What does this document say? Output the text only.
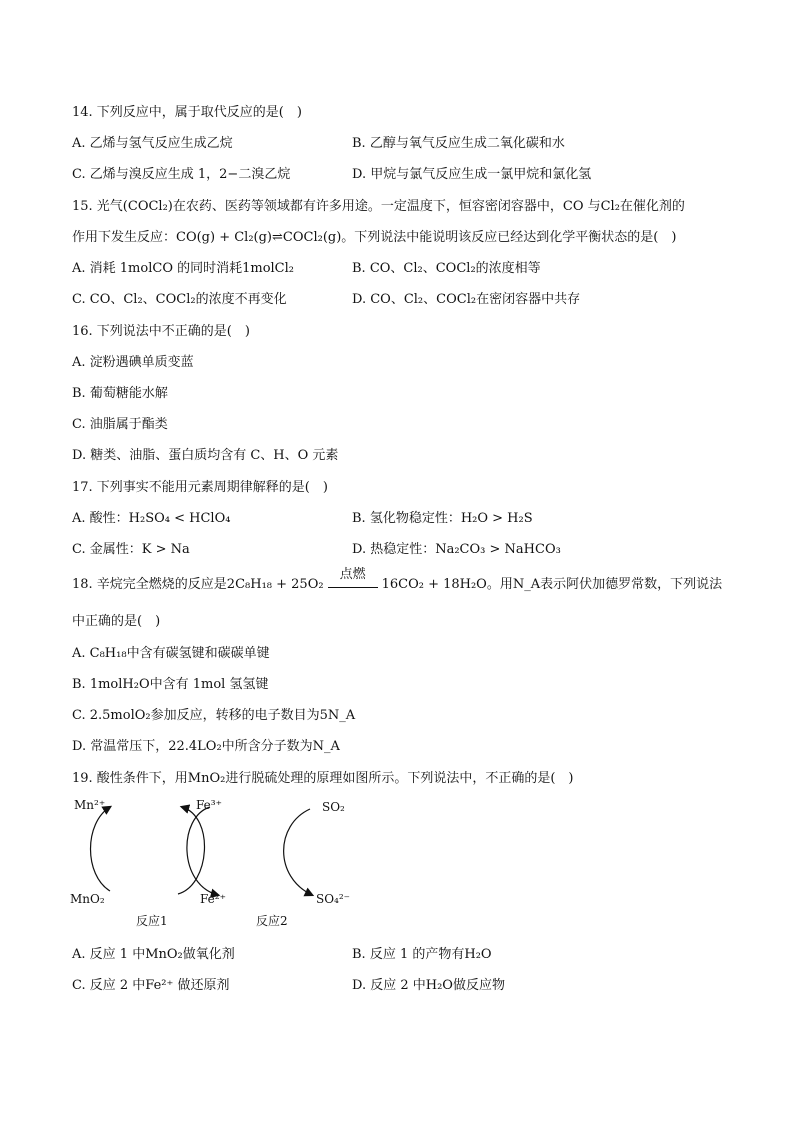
14. 下列反应中，属于取代反应的是(　)
A. 乙烯与氢气反应生成乙烷	B. 乙醇与氧气反应生成二氧化碳和水
C. 乙烯与溴反应生成 1，2−二溴乙烷	D. 甲烷与氯气反应生成一氯甲烷和氯化氢
15. 光气(COCl₂)在农药、医药等领域都有许多用途。一定温度下，恒容密闭容器中，CO 与Cl₂在催化剂的
作用下发生反应：CO(g) + Cl₂(g)⇌COCl₂(g)。下列说法中能说明该反应已经达到化学平衡状态的是(　)
A. 消耗 1molCO 的同时消耗1molCl₂	B. CO、Cl₂、COCl₂的浓度相等
C. CO、Cl₂、COCl₂的浓度不再变化	D. CO、Cl₂、COCl₂在密闭容器中共存
16. 下列说法中不正确的是(　)
A. 淀粉遇碘单质变蓝
B. 葡萄糖能水解
C. 油脂属于酯类
D. 糖类、油脂、蛋白质均含有 C、H、O 元素
17. 下列事实不能用元素周期律解释的是(　)
A. 酸性：H₂SO₄ < HClO₄	B. 氢化物稳定性：H₂O > H₂S
C. 金属性：K > Na	D. 热稳定性：Na₂CO₃ > NaHCO₃
18. 辛烷完全燃烧的反应是2C₈H₁₈ + 25O₂
点燃
16CO₂ + 18H₂O。用N_A表示阿伏加德罗常数，下列说法
中正确的是(　)
A. C₈H₁₈中含有碳氢键和碳碳单键
B. 1molH₂O中含有 1mol 氢氢键
C. 2.5molO₂参加反应，转移的电子数目为5N_A
D. 常温常压下，22.4LO₂中所含分子数为N_A
19. 酸性条件下，用MnO₂进行脱硫处理的原理如图所示。下列说法中，不正确的是(　)
Mn²⁺	Fe³⁺	SO₂
MnO₂	Fe²⁺	SO₄²⁻
反应1	反应2
A. 反应 1 中MnO₂做氧化剂	B. 反应 1 的产物有H₂O
C. 反应 2 中Fe²⁺ 做还原剂	D. 反应 2 中H₂O做反应物
